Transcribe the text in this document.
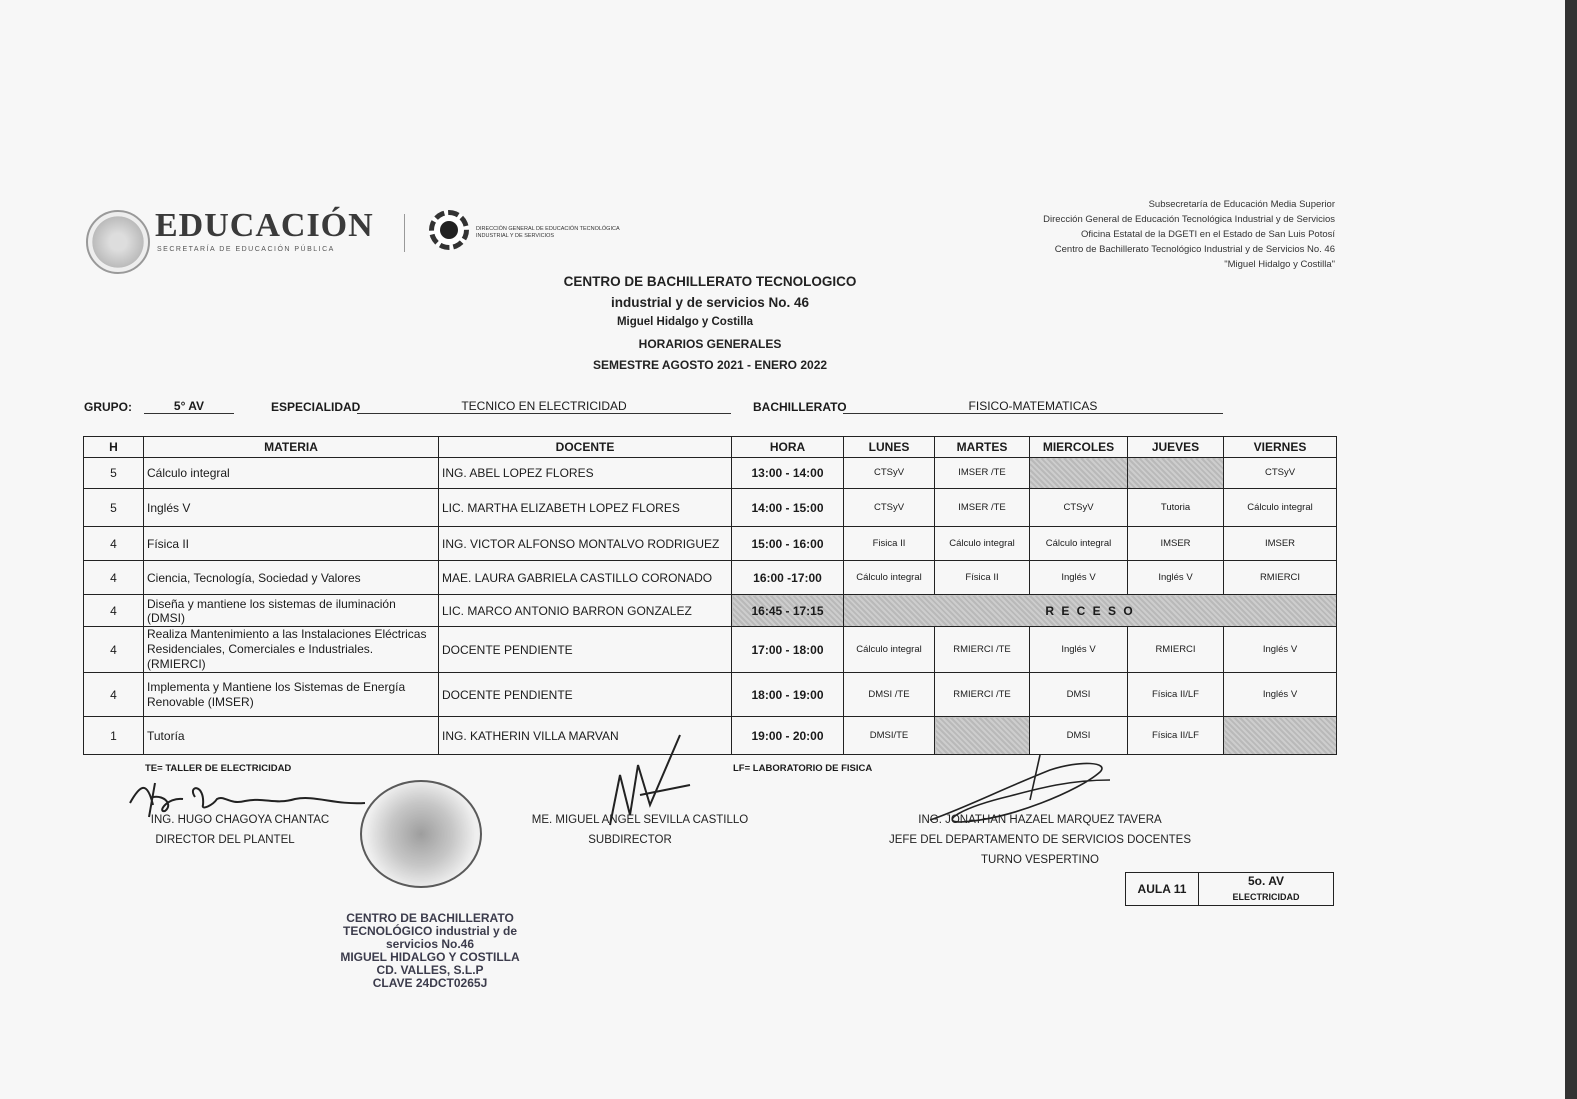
EDUCACIÓN
SECRETARÍA DE EDUCACIÓN PÚBLICA
DIRECCIÓN GENERAL DE EDUCACIÓN TECNOLÓGICA INDUSTRIAL Y DE SERVICIOS
Subsecretaría de Educación Media Superior
Dirección General de Educación Tecnológica Industrial y de Servicios
Oficina Estatal de la DGETI en el Estado de San Luis Potosí
Centro de Bachillerato Tecnológico Industrial y de Servicios No. 46
"Miguel Hidalgo y Costilla"
CENTRO DE BACHILLERATO TECNOLOGICO
industrial y de servicios No. 46
Miguel Hidalgo y Costilla
HORARIOS GENERALES
SEMESTRE AGOSTO 2021 - ENERO 2022
GRUPO:	5° AV	ESPECIALIDAD	TECNICO EN ELECTRICIDAD	BACHILLERATO	FISICO-MATEMATICAS
H	MATERIA	DOCENTE	HORA	LUNES	MARTES	MIERCOLES	JUEVES	VIERNES
5	Cálculo integral	ING. ABEL LOPEZ FLORES	13:00 - 14:00	CTSyV	IMSER /TE			CTSyV
5	Inglés V	LIC. MARTHA ELIZABETH LOPEZ FLORES	14:00 - 15:00	CTSyV	IMSER /TE	CTSyV	Tutoria	Cálculo integral
4	Física II	ING. VICTOR ALFONSO MONTALVO RODRIGUEZ	15:00 - 16:00	Fisica II	Cálculo integral	Cálculo integral	IMSER	IMSER
4	Ciencia, Tecnología, Sociedad y Valores	MAE. LAURA GABRIELA CASTILLO CORONADO	16:00 -17:00	Cálculo integral	Física II	Inglés V	Inglés V	RMIERCI
4	Diseña y mantiene los sistemas de iluminación (DMSI)	LIC. MARCO ANTONIO BARRON GONZALEZ	16:45 - 17:15	R E C E S O				
4	Realiza Mantenimiento a las Instalaciones Eléctricas Residenciales, Comerciales e Industriales. (RMIERCI)	DOCENTE PENDIENTE	17:00 - 18:00	Cálculo integral	RMIERCI /TE	Inglés V	RMIERCI	Inglés V
4	Implementa y Mantiene los Sistemas de Energía Renovable (IMSER)	DOCENTE PENDIENTE	18:00 - 19:00	DMSI /TE	RMIERCI /TE	DMSI	Física II/LF	Inglés V
1	Tutoría	ING. KATHERIN VILLA MARVAN	19:00 - 20:00	DMSI/TE		DMSI	Física II/LF	
TE= TALLER DE ELECTRICIDAD	LF= LABORATORIO DE FISICA
ING. HUGO CHAGOYA CHANTAC
DIRECTOR DEL PLANTEL
ME. MIGUEL ANGEL SEVILLA CASTILLO
SUBDIRECTOR
ING. JONATHAN HAZAEL MARQUEZ TAVERA
JEFE DEL DEPARTAMENTO DE SERVICIOS DOCENTES
TURNO VESPERTINO
CENTRO DE BACHILLERATO
TECNOLÓGICO industrial y de
servicios No.46
MIGUEL HIDALGO Y COSTILLA
CD. VALLES, S.L.P
CLAVE 24DCT0265J
AULA 11	5o. AV
ELECTRICIDAD
